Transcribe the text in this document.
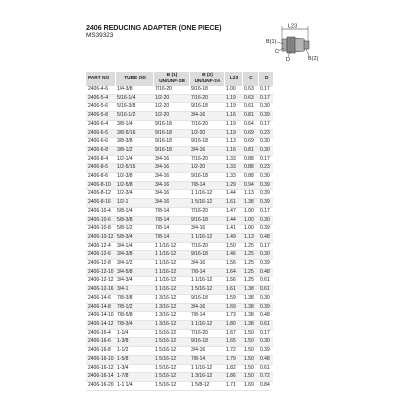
2406 REDUCING ADAPTER (ONE PIECE)
MS39323
L23
B(1)
C
D	B(2)
PART NO	TUBE OD	B (1)
UN/UNF-2B	B (2)
UN/UNF-2A	L23	C	D

2406-4-6	1/4-3/8	7/16-20	9/16-18	1.00	0.63	0.17
2406-5-4	5/16-1/4	1/2-20	7/16-20	1.19	0.63	0.17
2406-5-6	5/16-3/8	1/2-20	9/16-18	1.19	0.61	0.30
2406-5-8	5/16-1/2	1/2-20	3/4-16	1.16	0.81	0.39
2406-6-4	3/8-1/4	9/16-18	7/16-20	1.19	0.64	0.17
2406-6-5	3/8-5/16	9/16-18	1/2-20	1.19	0.69	0.23
2406-6-6	3/8-3/8	9/16-18	9/16-18	1.13	0.69	0.30
2406-6-8	3/8-1/2	9/16-18	3/4-16	1.16	0.81	0.30
2406-8-4	1/2-1/4	3/4-16	7/16-20	1.33	0.88	0.17
2406-8-5	1/2-5/16	3/4-16	1/2-20	1.33	0.88	0.23
2406-8-6	1/2-3/8	3/4-16	9/16-18	1.33	0.88	0.30
2406-8-10	1/2-5/8	3/4-16	7/8-14	1.29	0.94	0.39
2406-8-12	1/2-3/4	3/4-16	1 1/16-12	1.44	1.13	0.39
2406-8-16	1/2-1	3/4-16	1 5/16-12	1.61	1.38	0.39
2406-10-4	5/8-1/4	7/8-14	7/16-20	1.47	1.00	0.17
2406-10-6	5/8-3/8	7/8-14	9/16-18	1.44	1.00	0.30
2406-10-8	5/8-1/2	7/8-14	3/4-16	1.41	1.00	0.39
2406-10-12	5/8-3/4	7/8-14	1 1/16-12	1.49	1.13	0.48
2406-12-4	3/4-1/4	1 1/16-12	7/16-20	1.50	1.25	0.17
2406-12-6	3/4-3/8	1 1/16-12	9/16-18	1.46	1.25	0.30
2406-12-8	3/4-1/2	1 1/16-12	3/4-16	1.56	1.25	0.39
2406-12-10	3/4-5/8	1 1/16-12	7/8-14	1.64	1.25	0.48
2406-12-12	3/4-3/4	1 1/16-12	1 1/16-12	1.56	1.25	0.61
2406-12-16	3/4-1	1 1/16-12	1 5/16-12	1.61	1.38	0.61
2406-14-6	7/8-3/8	1 3/16-12	9/16-18	1.59	1.38	0.30
2406-14-8	7/8-1/2	1 3/16-12	3/4-16	1.69	1.38	0.39
2406-14-10	7/8-5/8	1 3/16-12	7/8-14	1.73	1.38	0.48
2406-14-12	7/8-3/4	1 3/16-12	1 1/16-12	1.80	1.38	0.61
2406-16-4	1-1/4	1 5/16-12	7/16-20	1.67	1.50	0.17
2406-16-6	1-3/8	1 5/16-12	9/16-18	1.65	1.50	0.30
2406-16-8	1-1/2	1 5/16-12	3/4-16	1.72	1.50	0.39
2406-16-10	1-5/8	1 5/16-12	7/8-14	1.79	1.50	0.48
2406-16-12	1-3/4	1 5/16-12	1 1/16-12	1.82	1.50	0.61
2406-16-14	1-7/8	1 5/16-12	1 3/16-12	1.86	1.50	0.72
2406-16-20	1-1 1/4	1 5/16-12	1 5/8-12	1.71	1.69	0.84
